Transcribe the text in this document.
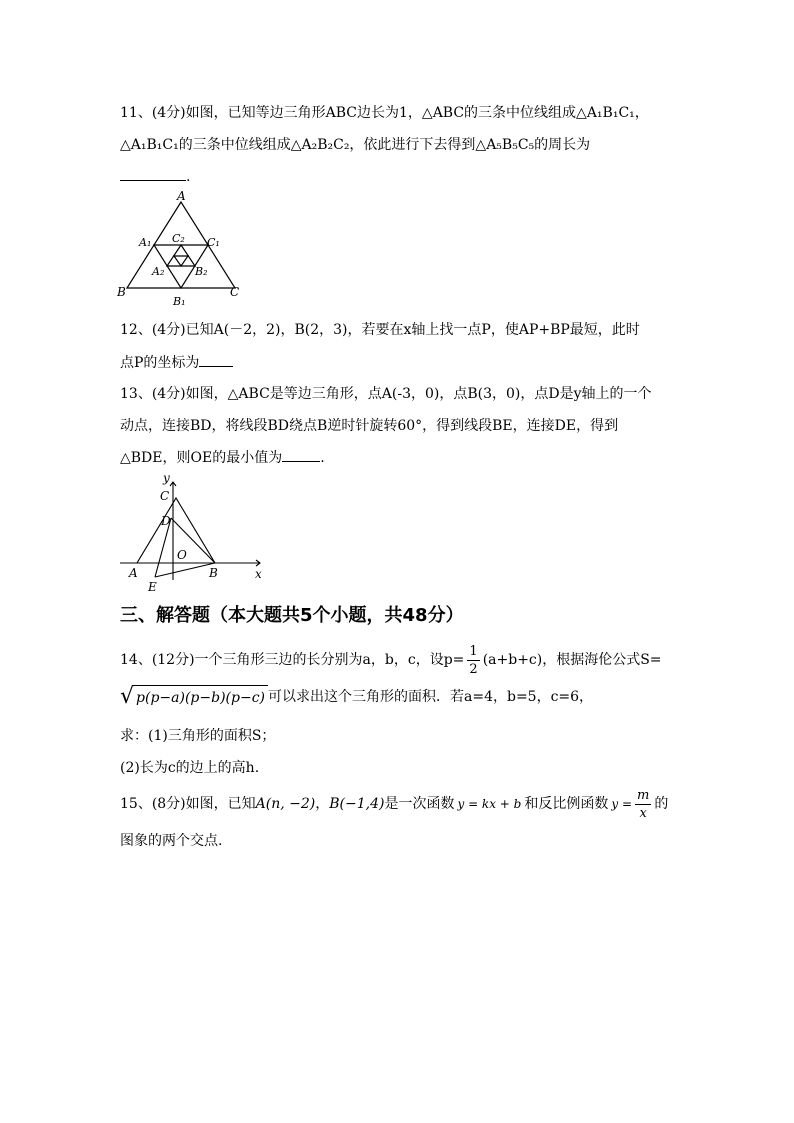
11、(4分)如图，已知等边三角形ABC边长为1，△ABC的三条中位线组成△A₁B₁C₁，
△A₁B₁C₁的三条中位线组成△A₂B₂C₂，依此进行下去得到△A₅B₅C₅的周长为
.
A
B	C
A₁	C₁
B₁
C₂
A₂	B₂
12、(4分)已知A(－2，2)，B(2，3)，若要在x轴上找一点P，使AP+BP最短，此时
点P的坐标为
13、(4分)如图，△ABC是等边三角形，点A(-3，0)，点B(3，0)，点D是y轴上的一个
动点，连接BD，将线段BD绕点B逆时针旋转60°，得到线段BE，连接DE，得到
△BDE，则OE的最小值为	.
y
x
C
D
O
A	B
E
三、解答题（本大题共5个小题，共48分）
14、(12分)一个三角形三边的长分别为a，b，c，设$p= \frac{1}{2} (a+b+c)$，根据海伦公式S=
√ p(p−a)(p−b)(p−c) 可以求出这个三角形的面积．若a=4，b=5，c=6，
求：(1)三角形的面积S；
(2)长为c的边上的高h.
15、(8分)如图，已知 A(n, −2) ， B(−1,4) 是一次函数 y = kx + b 和反比例函数 $y = \frac{m}{x}$ 的
图象的两个交点.
